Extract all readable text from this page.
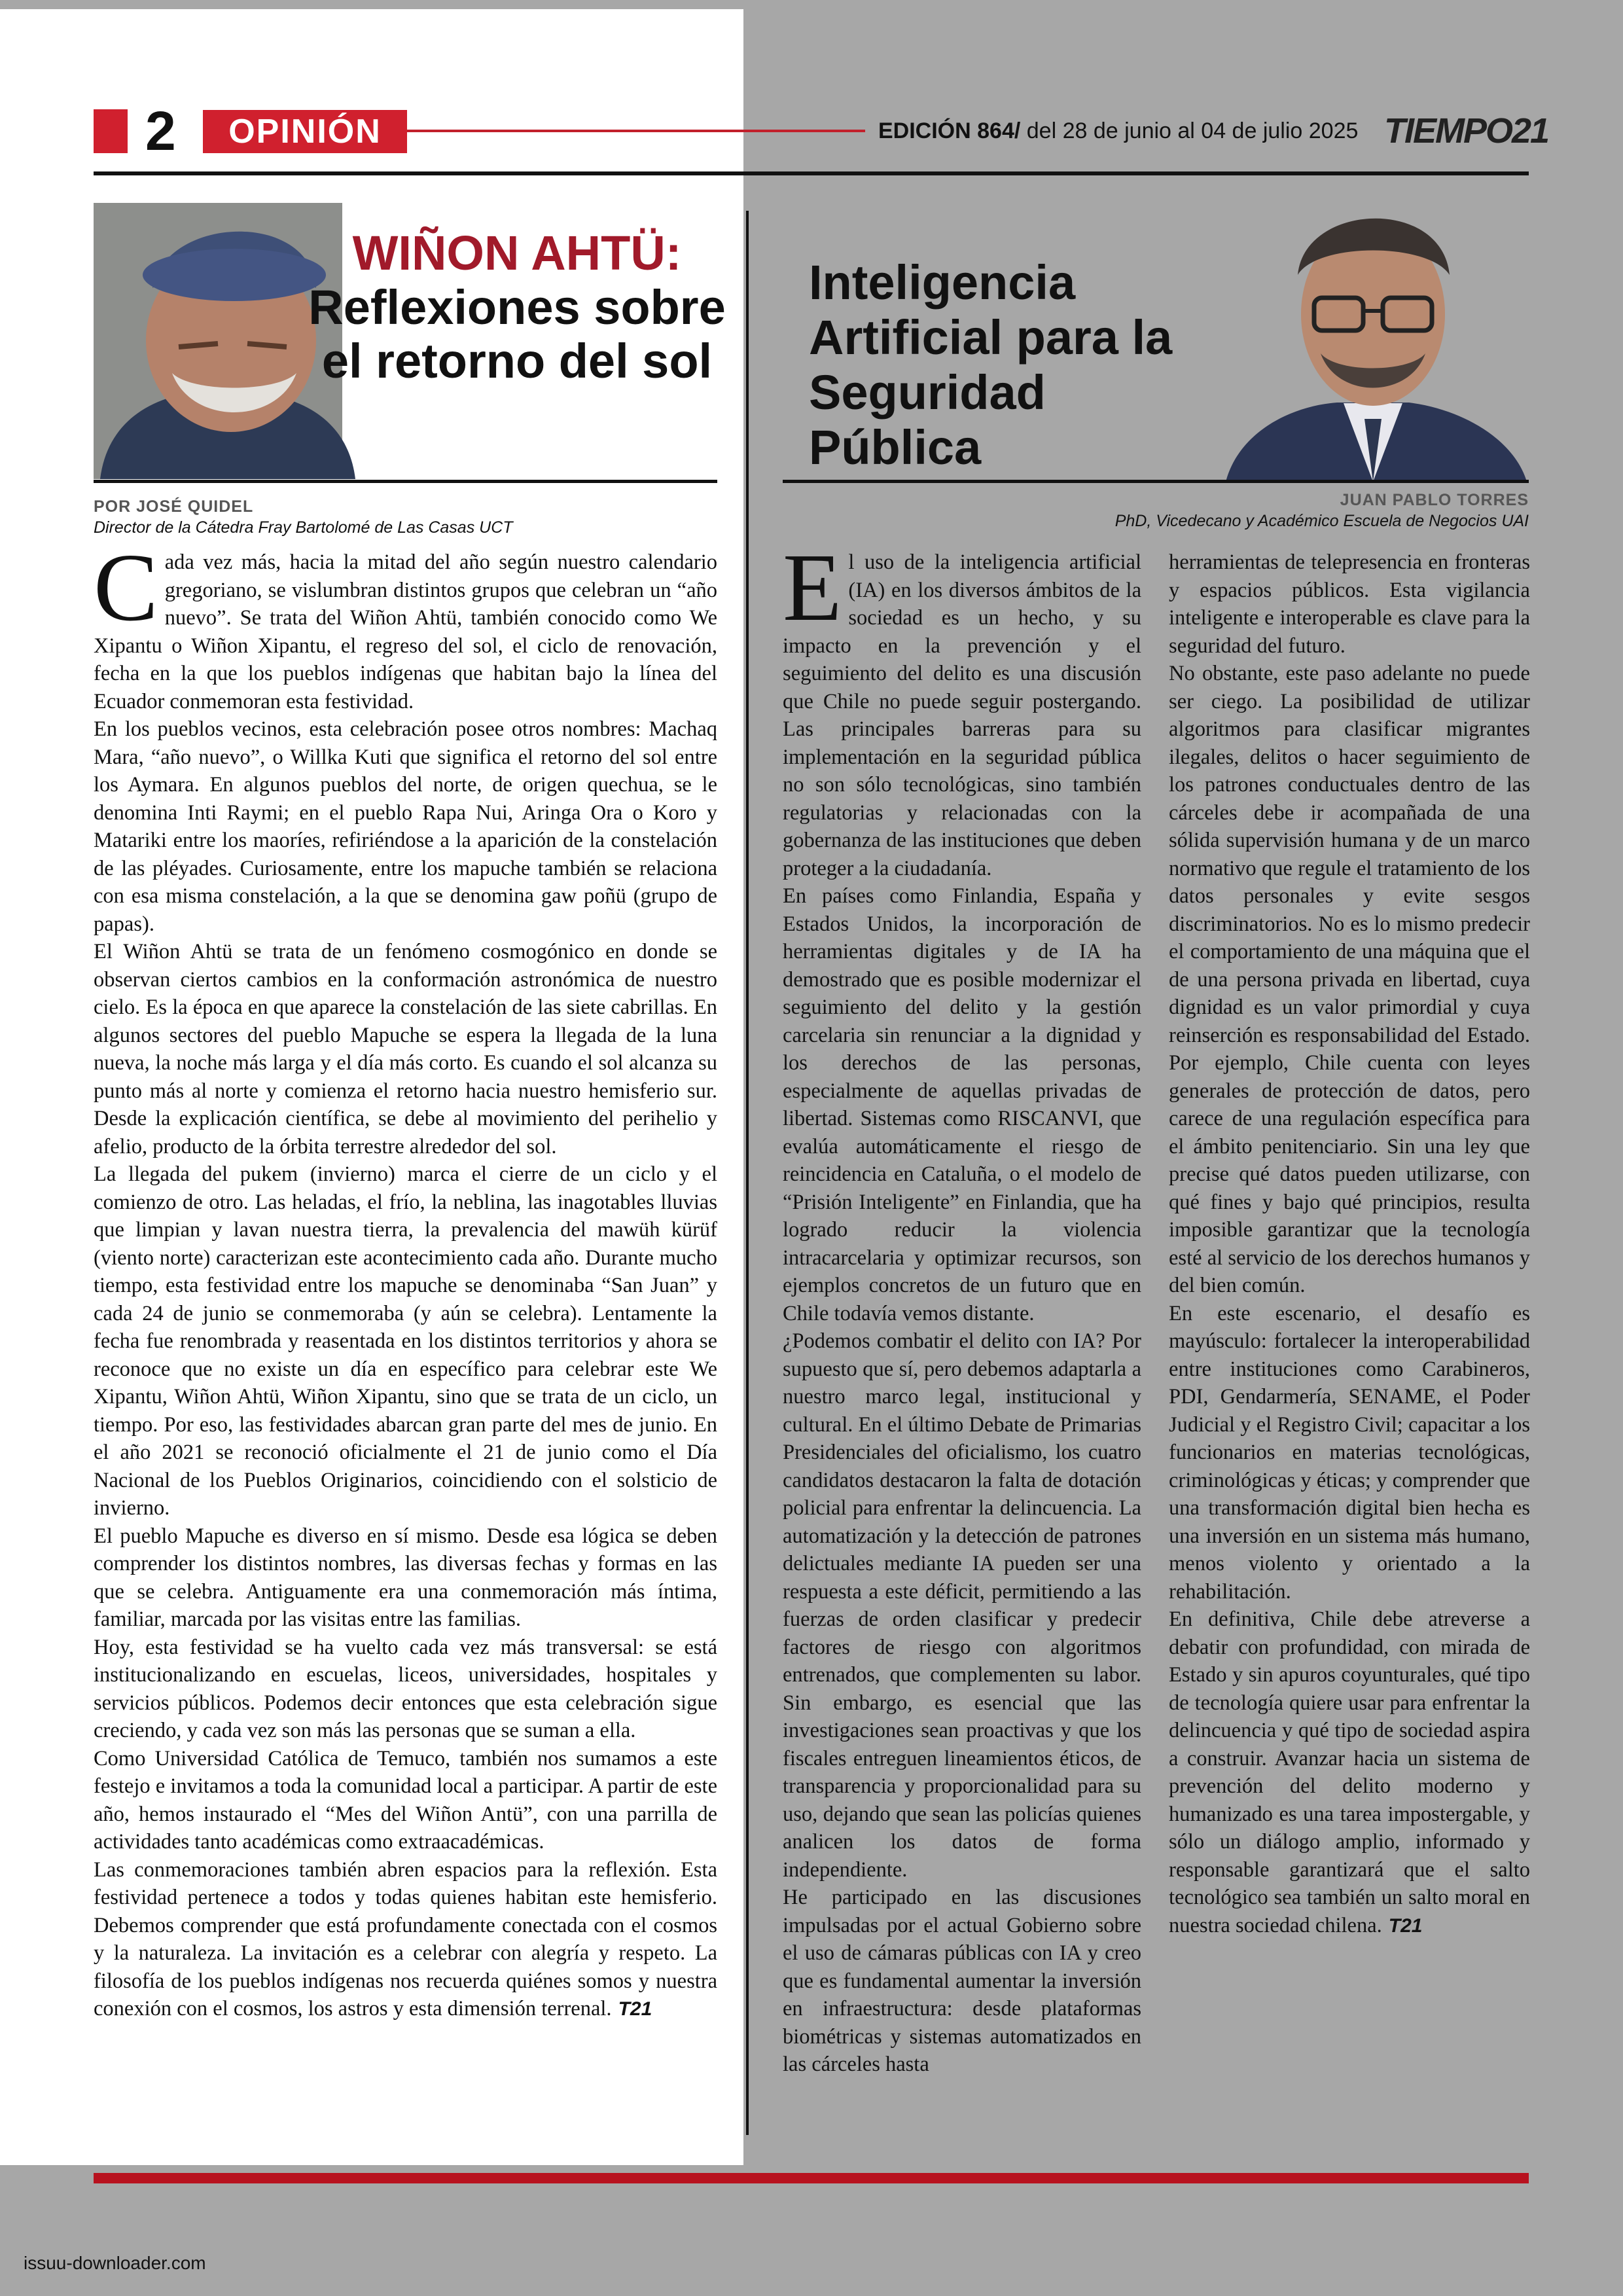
2	OPINIÓN	EDICIÓN 864/ del 28 de junio al 04 de julio 2025 TIEMPO21
WIÑON AHTÜ:
Reflexiones sobre el retorno del sol
POR JOSÉ QUIDEL
Director de la Cátedra Fray Bartolomé de Las Casas UCT
Inteligencia Artificial para la Seguridad Pública
JUAN PABLO TORRES
PhD, Vicedecano y Académico Escuela de Negocios UAI

Cada vez más, hacia la mitad del año según nuestro calendario gregoriano, se vislumbran distintos grupos que celebran un “año nuevo”. Se trata del Wiñon Ahtü, también conocido como We Xipantu o Wiñon Xipantu, el regreso del sol, el ciclo de renovación, fecha en la que los pueblos indígenas que habitan bajo la línea del Ecuador conmemoran esta festividad.

En los pueblos vecinos, esta celebración posee otros nombres: Machaq Mara, “año nuevo”, o Willka Kuti que significa el retorno del sol entre los Aymara. En algunos pueblos del norte, de origen quechua, se le denomina Inti Raymi; en el pueblo Rapa Nui, Aringa Ora o Koro y Matariki entre los maoríes, refiriéndose a la aparición de la constelación de las pléyades. Curiosamente, entre los mapuche también se relaciona con esa misma constelación, a la que se denomina gaw poñü (grupo de papas).

El Wiñon Ahtü se trata de un fenómeno cosmogónico en donde se observan ciertos cambios en la conformación astronómica de nuestro cielo. Es la época en que aparece la constelación de las siete cabrillas. En algunos sectores del pueblo Mapuche se espera la llegada de la luna nueva, la noche más larga y el día más corto. Es cuando el sol alcanza su punto más al norte y comienza el retorno hacia nuestro hemisferio sur. Desde la explicación científica, se debe al movimiento del perihelio y afelio, producto de la órbita terrestre alrededor del sol.

La llegada del pukem (invierno) marca el cierre de un ciclo y el comienzo de otro. Las heladas, el frío, la neblina, las inagotables lluvias que limpian y lavan nuestra tierra, la prevalencia del mawüh kürüf (viento norte) caracterizan este acontecimiento cada año. Durante mucho tiempo, esta festividad entre los mapuche se denominaba “San Juan” y cada 24 de junio se conmemoraba (y aún se celebra). Lentamente la fecha fue renombrada y reasentada en los distintos territorios y ahora se reconoce que no existe un día en específico para celebrar este We Xipantu, Wiñon Ahtü, Wiñon Xipantu, sino que se trata de un ciclo, un tiempo. Por eso, las festividades abarcan gran parte del mes de junio. En el año 2021 se reconoció oficialmente el 21 de junio como el Día Nacional de los Pueblos Originarios, coincidiendo con el solsticio de invierno.

El pueblo Mapuche es diverso en sí mismo. Desde esa lógica se deben comprender los distintos nombres, las diversas fechas y formas en las que se celebra. Antiguamente era una conmemoración más íntima, familiar, marcada por las visitas entre las familias.

Hoy, esta festividad se ha vuelto cada vez más transversal: se está institucionalizando en escuelas, liceos, universidades, hospitales y servicios públicos. Podemos decir entonces que esta celebración sigue creciendo, y cada vez son más las personas que se suman a ella.

Como Universidad Católica de Temuco, también nos sumamos a este festejo e invitamos a toda la comunidad local a participar. A partir de este año, hemos instaurado el “Mes del Wiñon Antü”, con una parrilla de actividades tanto académicas como extraacadémicas.

Las conmemoraciones también abren espacios para la reflexión. Esta festividad pertenece a todos y todas quienes habitan este hemisferio. Debemos comprender que está profundamente conectada con el cosmos y la naturaleza. La invitación es a celebrar con alegría y respeto. La filosofía de los pueblos indígenas nos recuerda quiénes somos y nuestra conexión con el cosmos, los astros y esta dimensión terrenal. T21

El uso de la inteligencia artificial (IA) en los diversos ámbitos de la sociedad es un hecho, y su impacto en la prevención y el seguimiento del delito es una discusión que Chile no puede seguir postergando. Las principales barreras para su implementación en la seguridad pública no son sólo tecnológicas, sino también regulatorias y relacionadas con la gobernanza de las instituciones que deben proteger a la ciudadanía.

En países como Finlandia, España y Estados Unidos, la incorporación de herramientas digitales y de IA ha demostrado que es posible modernizar el seguimiento del delito y la gestión carcelaria sin renunciar a la dignidad y los derechos de las personas, especialmente de aquellas privadas de libertad. Sistemas como RISCANVI, que evalúa automáticamente el riesgo de reincidencia en Cataluña, o el modelo de “Prisión Inteligente” en Finlandia, que ha logrado reducir la violencia intracarcelaria y optimizar recursos, son ejemplos concretos de un futuro que en Chile todavía vemos distante.

¿Podemos combatir el delito con IA? Por supuesto que sí, pero debemos adaptarla a nuestro marco legal, institucional y cultural. En el último Debate de Primarias Presidenciales del oficialismo, los cuatro candidatos destacaron la falta de dotación policial para enfrentar la delincuencia. La automatización y la detección de patrones delictuales mediante IA pueden ser una respuesta a este déficit, permitiendo a las fuerzas de orden clasificar y predecir factores de riesgo con algoritmos entrenados, que complementen su labor. Sin embargo, es esencial que las investigaciones sean proactivas y que los fiscales entreguen lineamientos éticos, de transparencia y proporcionalidad para su uso, dejando que sean las policías quienes analicen los datos de forma independiente.

He participado en las discusiones impulsadas por el actual Gobierno sobre el uso de cámaras públicas con IA y creo que es fundamental aumentar la inversión en infraestructura: desde plataformas biométricas y sistemas automatizados en las cárceles hasta

herramientas de telepresencia en fronteras y espacios públicos. Esta vigilancia inteligente e interoperable es clave para la seguridad del futuro.

No obstante, este paso adelante no puede ser ciego. La posibilidad de utilizar algoritmos para clasificar migrantes ilegales, delitos o hacer seguimiento de los patrones conductuales dentro de las cárceles debe ir acompañada de una sólida supervisión humana y de un marco normativo que regule el tratamiento de los datos personales y evite sesgos discriminatorios. No es lo mismo predecir el comportamiento de una máquina que el de una persona privada en libertad, cuya dignidad es un valor primordial y cuya reinserción es responsabilidad del Estado. Por ejemplo, Chile cuenta con leyes generales de protección de datos, pero carece de una regulación específica para el ámbito penitenciario. Sin una ley que precise qué datos pueden utilizarse, con qué fines y bajo qué principios, resulta imposible garantizar que la tecnología esté al servicio de los derechos humanos y del bien común.

En este escenario, el desafío es mayúsculo: fortalecer la interoperabilidad entre instituciones como Carabineros, PDI, Gendarmería, SENAME, el Poder Judicial y el Registro Civil; capacitar a los funcionarios en materias tecnológicas, criminológicas y éticas; y comprender que una transformación digital bien hecha es una inversión en un sistema más humano, menos violento y orientado a la rehabilitación.

En definitiva, Chile debe atreverse a debatir con profundidad, con mirada de Estado y sin apuros coyunturales, qué tipo de tecnología quiere usar para enfrentar la delincuencia y qué tipo de sociedad aspira a construir. Avanzar hacia un sistema de prevención del delito moderno y humanizado es una tarea impostergable, y sólo un diálogo amplio, informado y responsable garantizará que el salto tecnológico sea también un salto moral en nuestra sociedad chilena. T21

issuu-downloader.com
